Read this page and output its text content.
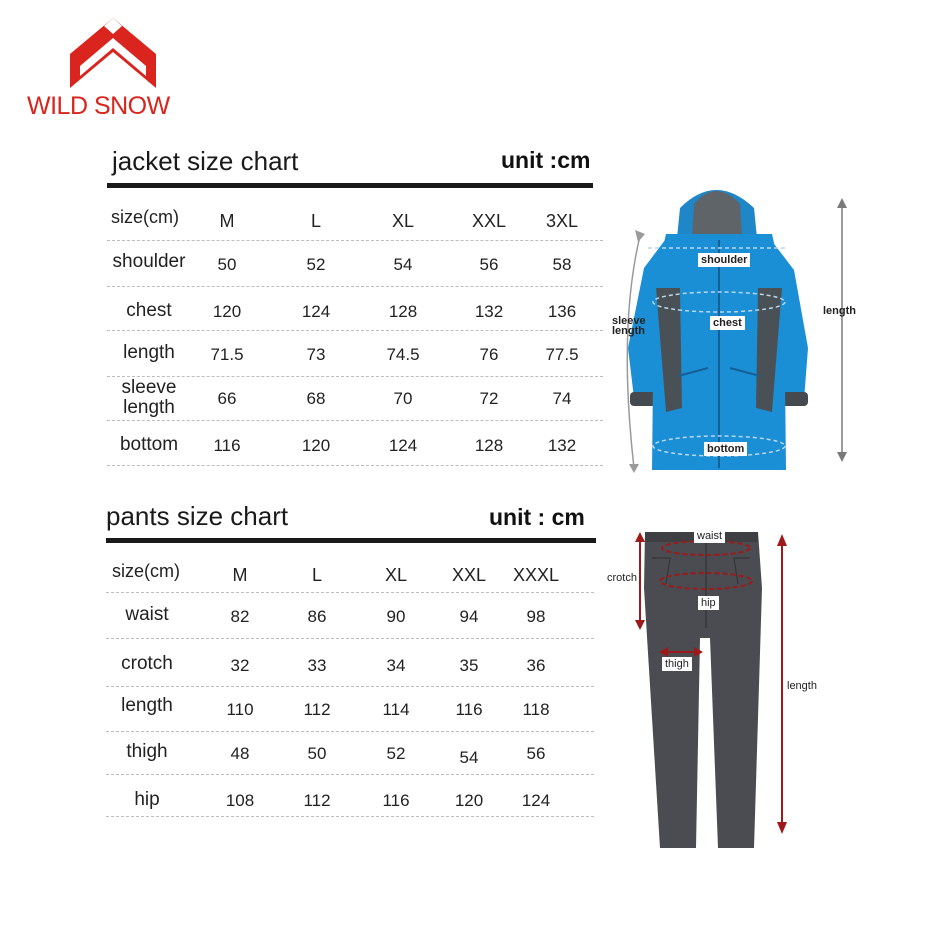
WILD SNOW
shoulder
chest
bottom
sleeve
length
length
waist
hip
thigh
crotch
length
jacket size chart	unit :cm
size(cm) M	L	XL	XXL 3XL
shoulder 50	52	54	56	58
chest 120	124	128	132	136
length 71.5	73	74.5	76	77.5
sleeve length	66	68	70	72	74
bottom 116	120	124	128	132
pants size chart	unit : cm
size(cm)	M	L	XL XXL XXXL
waist	82	86	90	94	98
crotch	32	33	34	35	36
length	110	112	114	116 118
thigh	48	50	52	54	56
hip	108	112	116	120 124
